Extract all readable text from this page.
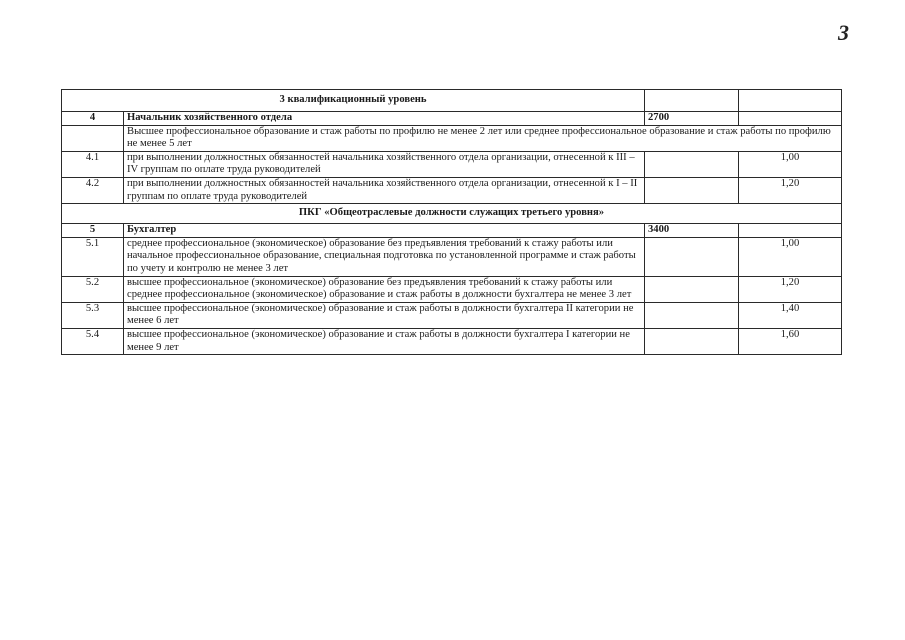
3
3 квалификационный уровень			
4	Начальник хозяйственного отдела	2700	
	Высшее профессиональное образование и стаж работы по профилю не менее 2 лет или среднее профессиональное образование и стаж работы по профилю не менее 5 лет		
4.1	при выполнении должностных обязанностей начальника хозяйственного отдела организации, отнесенной к III – IV группам по оплате труда руководителей		1,00
4.2	при выполнении должностных обязанностей начальника хозяйственного отдела организации, отнесенной к I – II группам по оплате труда руководителей		1,20
ПКГ «Общеотраслевые должности служащих третьего уровня»			
5	Бухгалтер	3400	
5.1	среднее профессиональное (экономическое) образование без предъявления требований к стажу работы или начальное профессиональное образование, специальная подготовка по установленной программе и стаж работы по учету и контролю не менее 3 лет		1,00
5.2	высшее профессиональное (экономическое) образование без предъявления требований к стажу работы или среднее профессиональное (экономическое) образование и стаж работы в должности бухгалтера не менее 3 лет		1,20
5.3	высшее профессиональное (экономическое) образование и стаж работы в должности бухгалтера II категории не менее 6 лет		1,40
5.4	высшее профессиональное (экономическое) образование и стаж работы в должности бухгалтера I категории не менее 9 лет		1,60
